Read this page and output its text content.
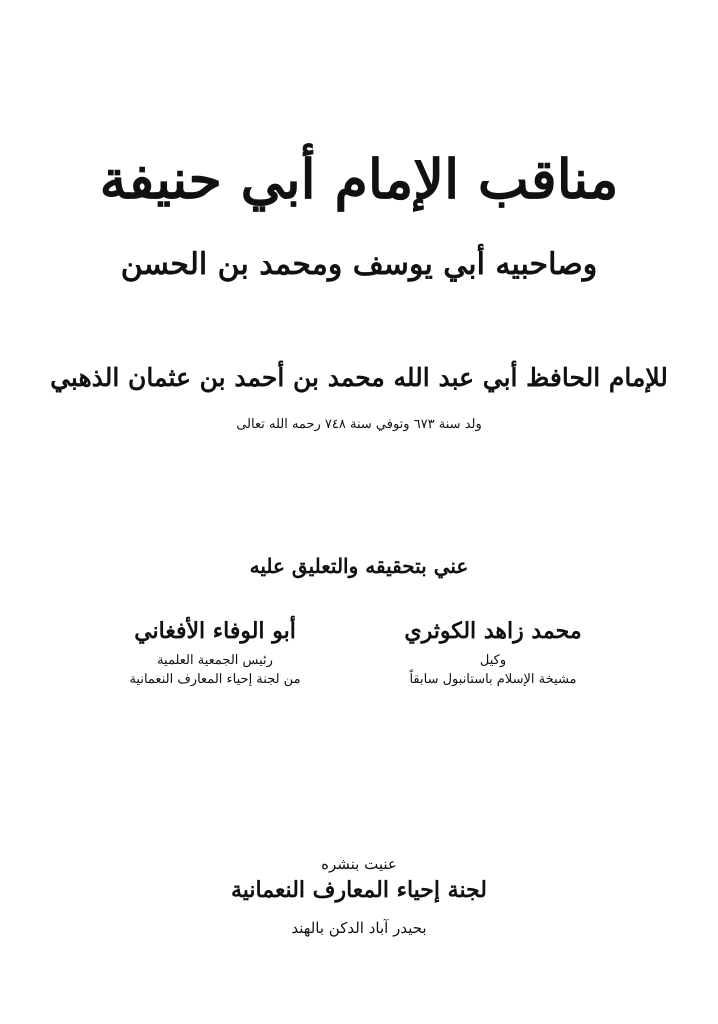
مناقب الإمام أبي حنيفة
وصاحبيه أبي يوسف ومحمد بن الحسن
للإمام الحافظ أبي عبد الله محمد بن أحمد بن عثمان الذهبي
ولد سنة ٦٧٣ وتوفي سنة ٧٤٨ رحمه الله تعالى
عني بتحقيقه والتعليق عليه
محمد زاهد الكوثري
وكيل
مشيخة الإسلام باستانبول سابقاً
أبو الوفاء الأفغاني
رئيس الجمعية العلمية
من لجنة إحياء المعارف النعمانية
عنيت بنشره
لجنة إحياء المعارف النعمانية
بحيدر آباد الدكن بالهند
